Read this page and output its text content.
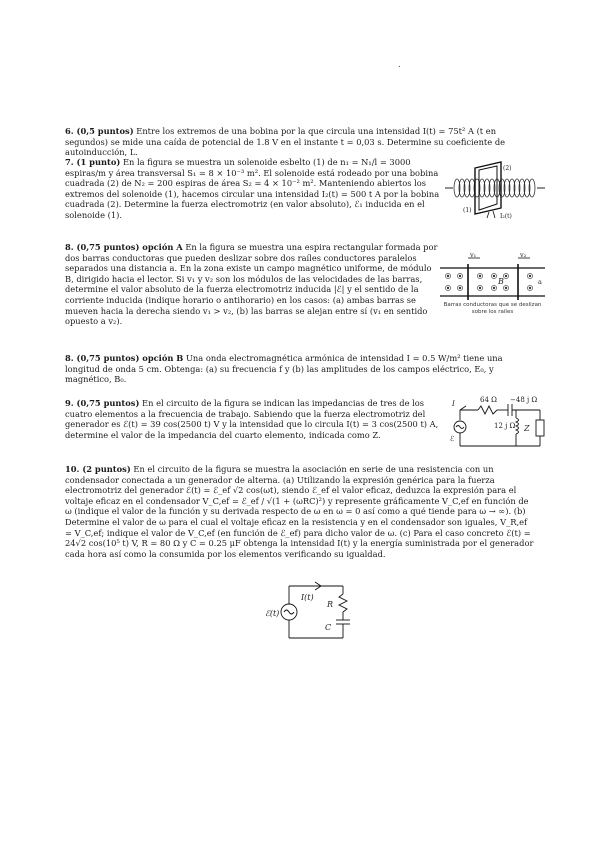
.

6. (0,5 puntos) Entre los extremos de una bobina por la que circula una intensidad I(t) = 75t² A (t en segundos) se mide una caída de potencial de 1.8 V en el instante t = 0,03 s. Determine su coeficiente de autoinducción, L.

7. (1 punto) En la figura se muestra un solenoide esbelto (1) de n₁ = N₁/l = 3000 espiras/m y área transversal S₁ = 8 × 10⁻³ m². El solenoide está rodeado por una bobina cuadrada (2) de N₂ = 200 espiras de área S₂ = 4 × 10⁻² m². Manteniendo abiertos los extremos del solenoide (1), hacemos circular una intensidad I₂(t) = 500 t A por la bobina cuadrada (2). Determine la fuerza electromotriz (en valor absoluto), ℰ₁ inducida en el solenoide (1).	I₂(t)
(1)
(2)

8. (0,75 puntos) opción A En la figura se muestra una espira rectangular formada por dos barras conductoras que pueden deslizar sobre dos raíles conductores paralelos separados una distancia a. En la zona existe un campo magnético uniforme, de módulo B, dirigido hacia el lector. Si v₁ y v₂ son los módulos de las velocidades de las barras, determine el valor absoluto de la fuerza electromotriz inducida |ℰ| y el sentido de la corriente inducida (indique horario o antihorario) en los casos: (a) ambas barras se mueven hacia la derecha siendo v₁ > v₂, (b) las barras se alejan entre sí (v₁ en sentido opuesto a v₂).

v₁	v₂
B	a
Barras conductoras que se deslizan sobre los raíles

8. (0,75 puntos) opción B Una onda electromagnética armónica de intensidad I = 0.5 W/m² tiene una longitud de onda 5 cm. Obtenga: (a) su frecuencia f y (b) las amplitudes de los campos eléctrico, E₀, y magnético, B₀.

9. (0,75 puntos) En el circuito de la figura se indican las impedancias de tres de los cuatro elementos a la frecuencia de trabajo. Sabiendo que la fuerza electromotriz del generador es ℰ(t) = 39 cos(2500 t) V y la intensidad que lo circula I(t) = 3 cos(2500 t) A, determine el valor de la impedancia del cuarto elemento, indicada como Z.

64 Ω −48 j Ω
12 j Ω Z
I
ℰ

10. (2 puntos) En el circuito de la figura se muestra la asociación en serie de una resistencia con un condensador conectada a un generador de alterna. (a) Utilizando la expresión genérica para la fuerza electromotriz del generador ℰ(t) = ℰ_ef √2 cos(ωt), siendo ℰ_ef el valor eficaz, deduzca la expresión para el voltaje eficaz en el condensador V_C,ef = ℰ_ef / √(1 + (ωRC)²) y represente gráficamente V_C,ef en función de ω (indique el valor de la función y su derivada respecto de ω en ω = 0 así como a qué tiende para ω → ∞). (b) Determine el valor de ω para el cual el voltaje eficaz en la resistencia y en el condensador son iguales, V_R,ef = V_C,ef; indique el valor de V_C,ef (en función de ℰ_ef) para dicho valor de ω. (c) Para el caso concreto ℰ(t) = 24√2 cos(10⁵ t) V, R = 80 Ω y C = 0.25 μF obtenga la intensidad I(t) y la energía suministrada por el generador cada hora así como la consumida por los elementos verificando su igualdad.

I(t)
R
C
ℰ(t)
